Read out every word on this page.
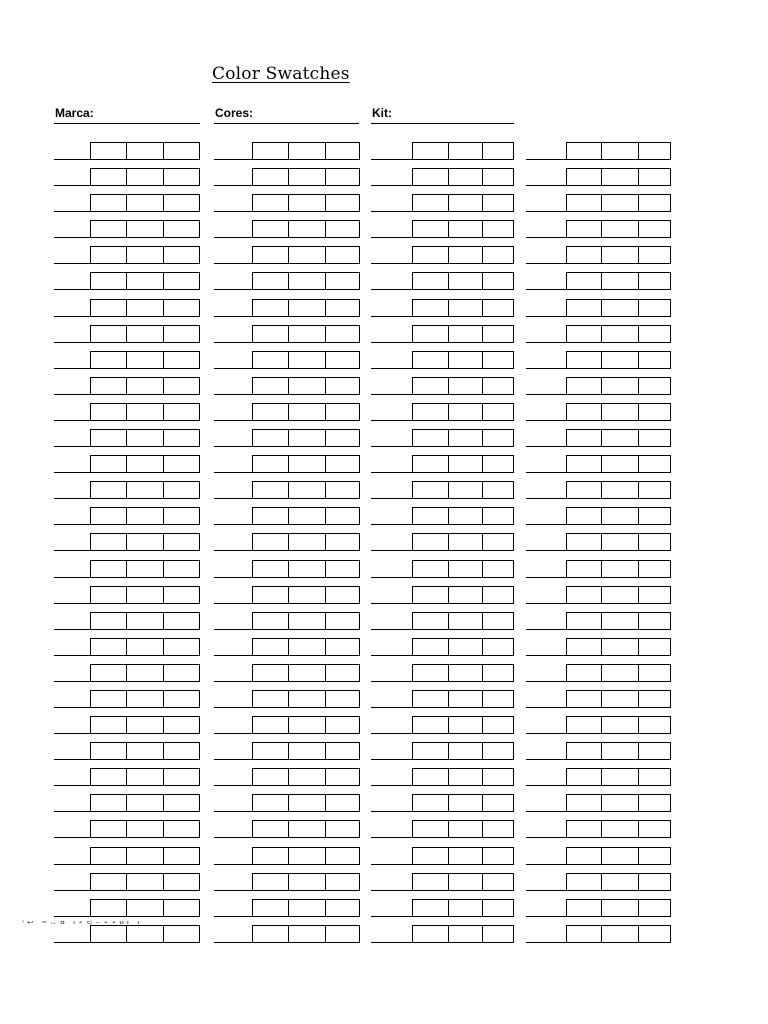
Color Swatches
Marca:	Cores:	Kit:
⁾↩ ≈↔ɑ ı∘⊂–∘∘υı ı
